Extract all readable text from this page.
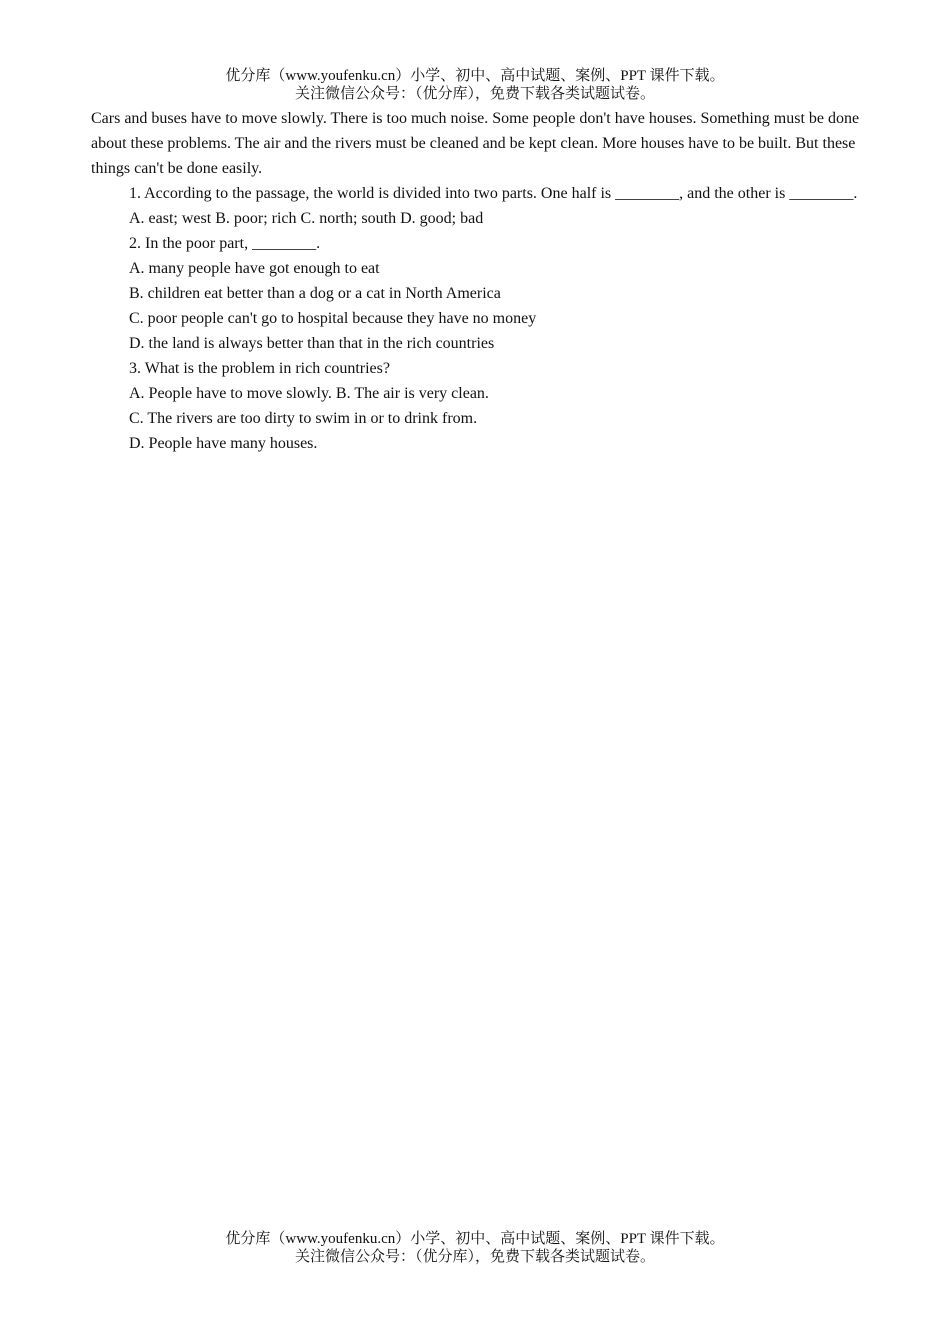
优分库（www.youfenku.cn）小学、初中、高中试题、案例、PPT 课件下载。
关注微信公众号：（优分库），免费下载各类试题试卷。

Cars and buses have to move slowly. There is too much noise. Some people don't have houses. Something must be done about these problems. The air and the rivers must be cleaned and be kept clean. More houses have to be built. But these things can't be done easily.

1. According to the passage, the world is divided into two parts. One half is ________, and the other is ________.

A. east; west B. poor; rich C. north; south D. good; bad

2. In the poor part, ________.

A. many people have got enough to eat

B. children eat better than a dog or a cat in North America

C. poor people can't go to hospital because they have no money

D. the land is always better than that in the rich countries

3. What is the problem in rich countries?

A. People have to move slowly. B. The air is very clean.

C. The rivers are too dirty to swim in or to drink from.

D. People have many houses.

优分库（www.youfenku.cn）小学、初中、高中试题、案例、PPT 课件下载。
关注微信公众号：（优分库），免费下载各类试题试卷。
